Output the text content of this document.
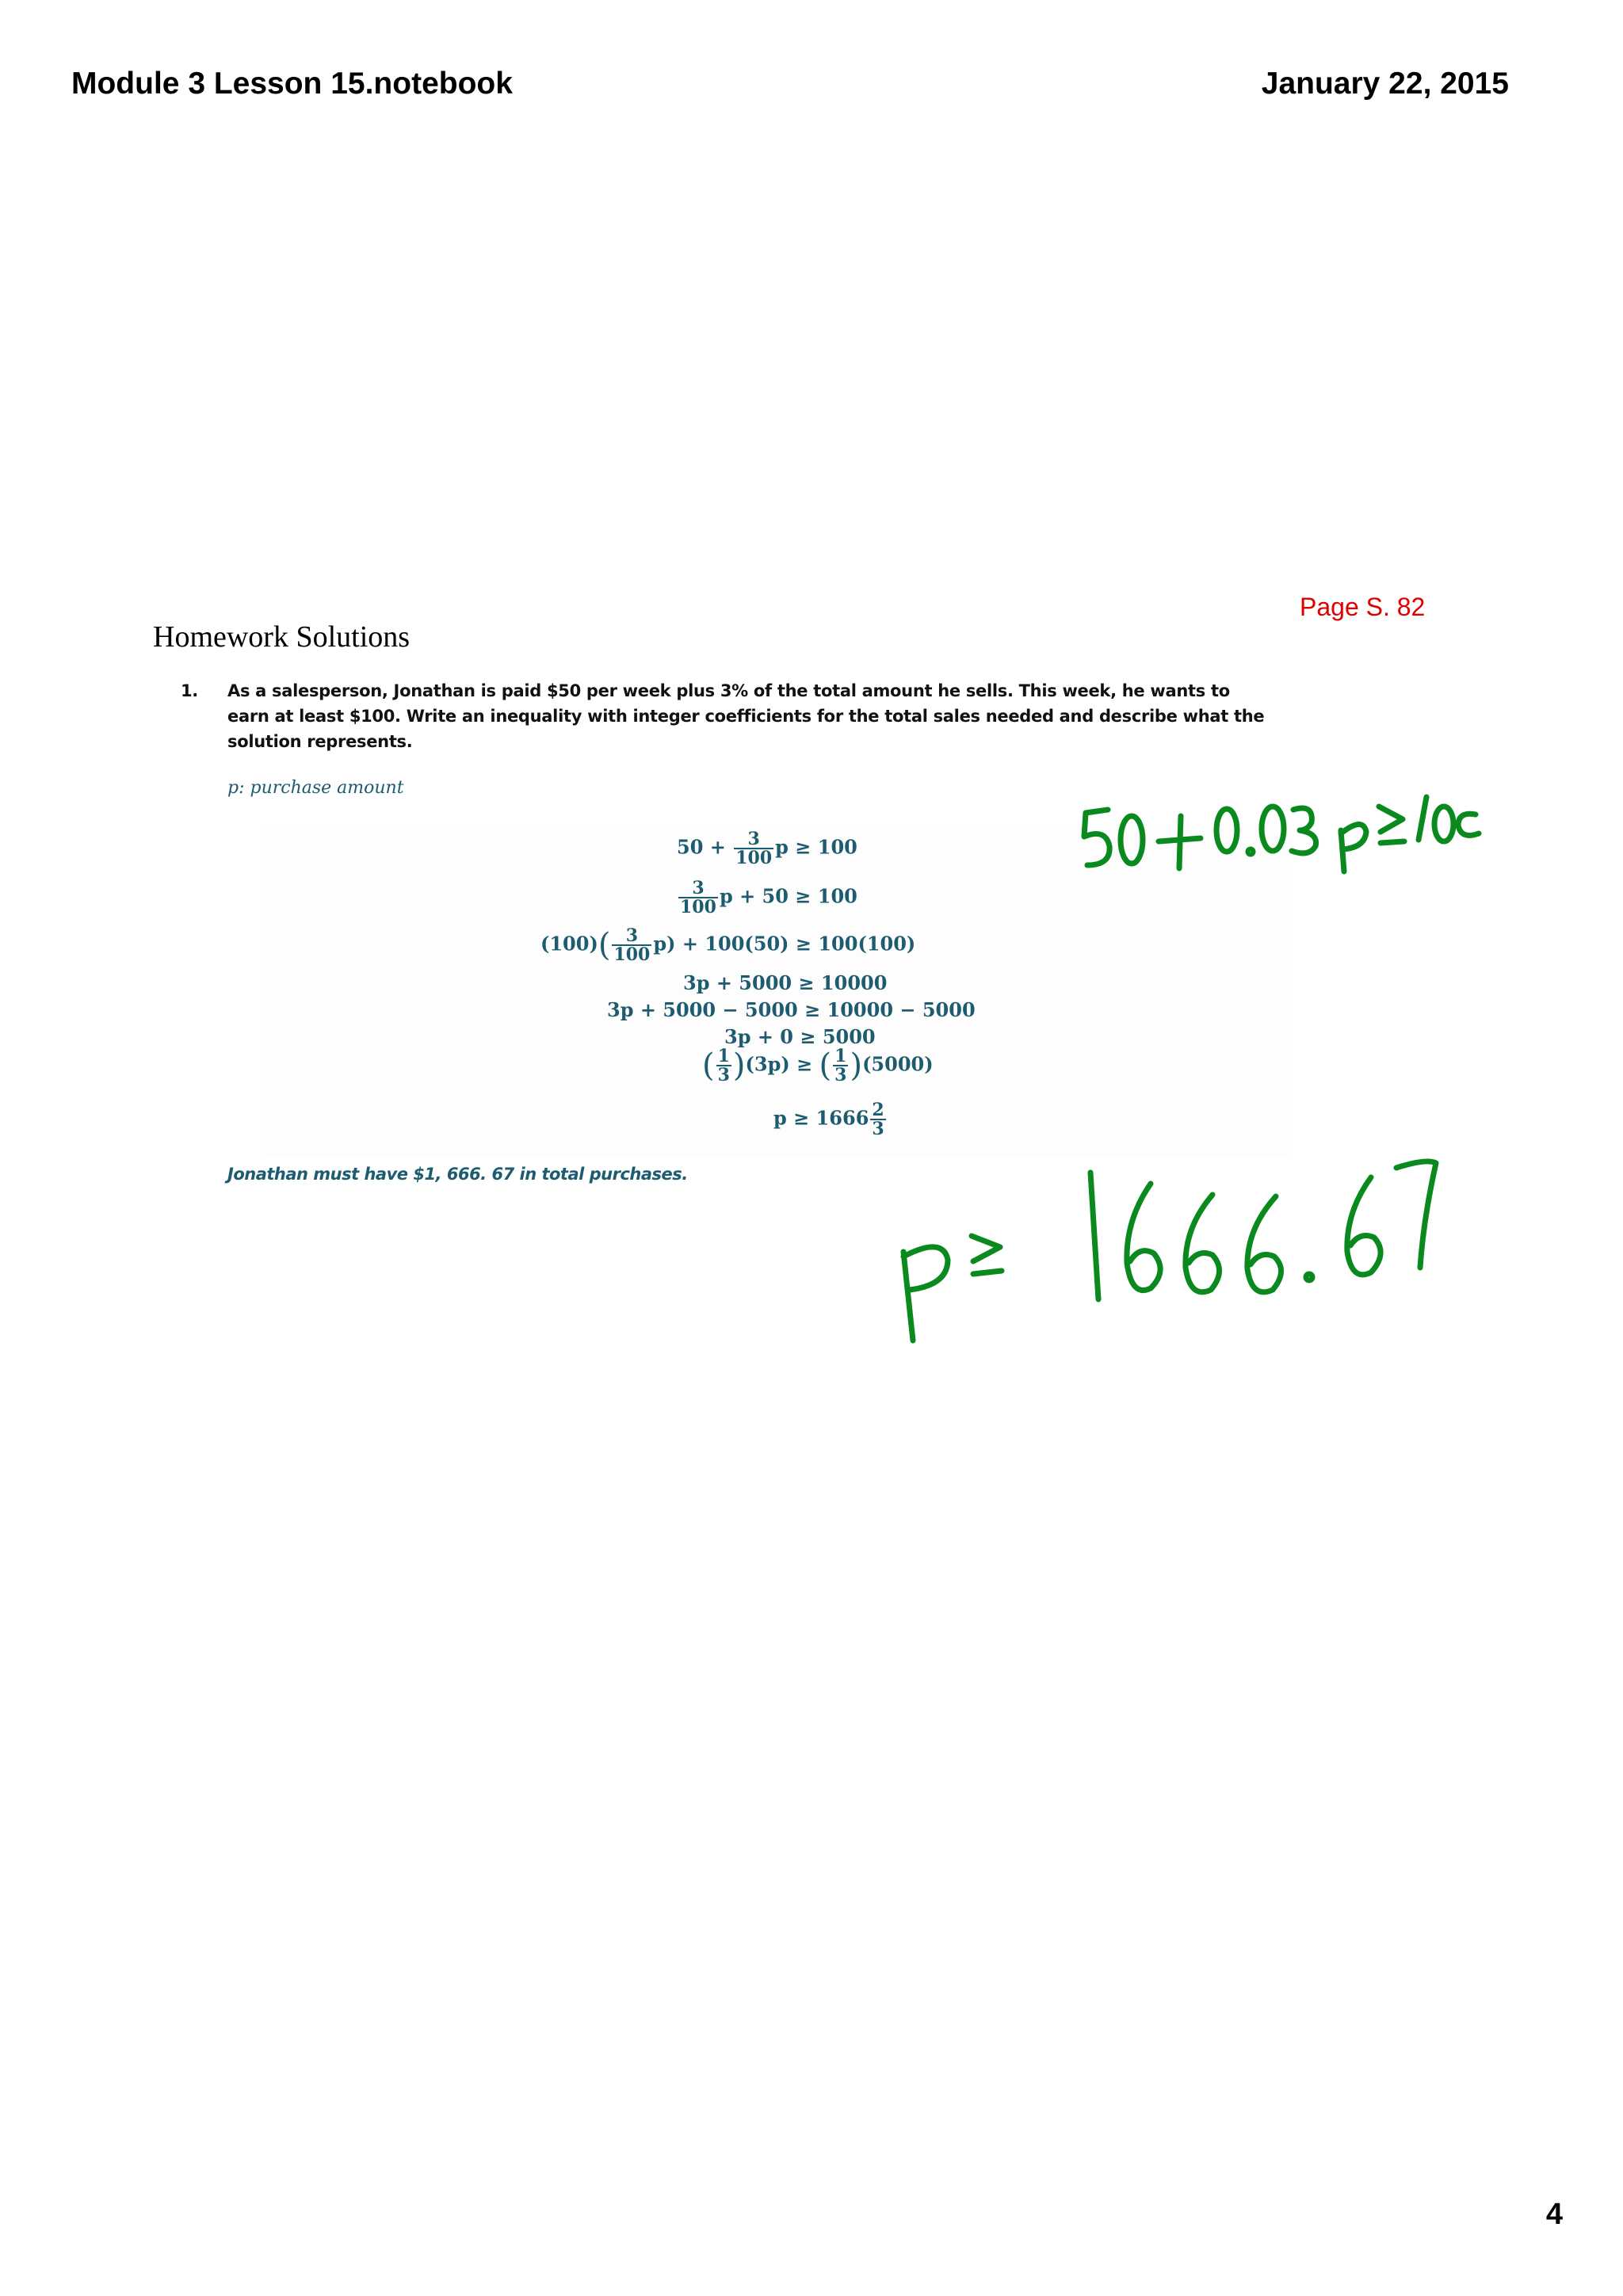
Module 3 Lesson 15.notebook	January 22, 2015
Page S. 82
Homework Solutions
1. As a salesperson, Jonathan is paid $50 per week plus 3% of the total amount he sells. This week, he wants to earn at least $100. Write an inequality with integer coefficients for the total sales needed and describe what the solution represents.
p: purchase amount
$50 + \frac{3}{100}$ p ≥ 100
$\frac{3}{100}$ p + 50 ≥ 100
$(100)( \frac{3}{100} p) + 100(50) \ge 100(100)$
3p + 5000 ≥ 10000
3p + 5000 − 5000 ≥ 10000 − 5000
3p + 0 ≥ 5000
( $\frac{1}{3} )(3p)$ ≥ ( $\frac{1}{3} )(5000)$
$p \ge 1666 \frac{2}{3}$
Jonathan must have $1, 666. 67 in total purchases.
4
